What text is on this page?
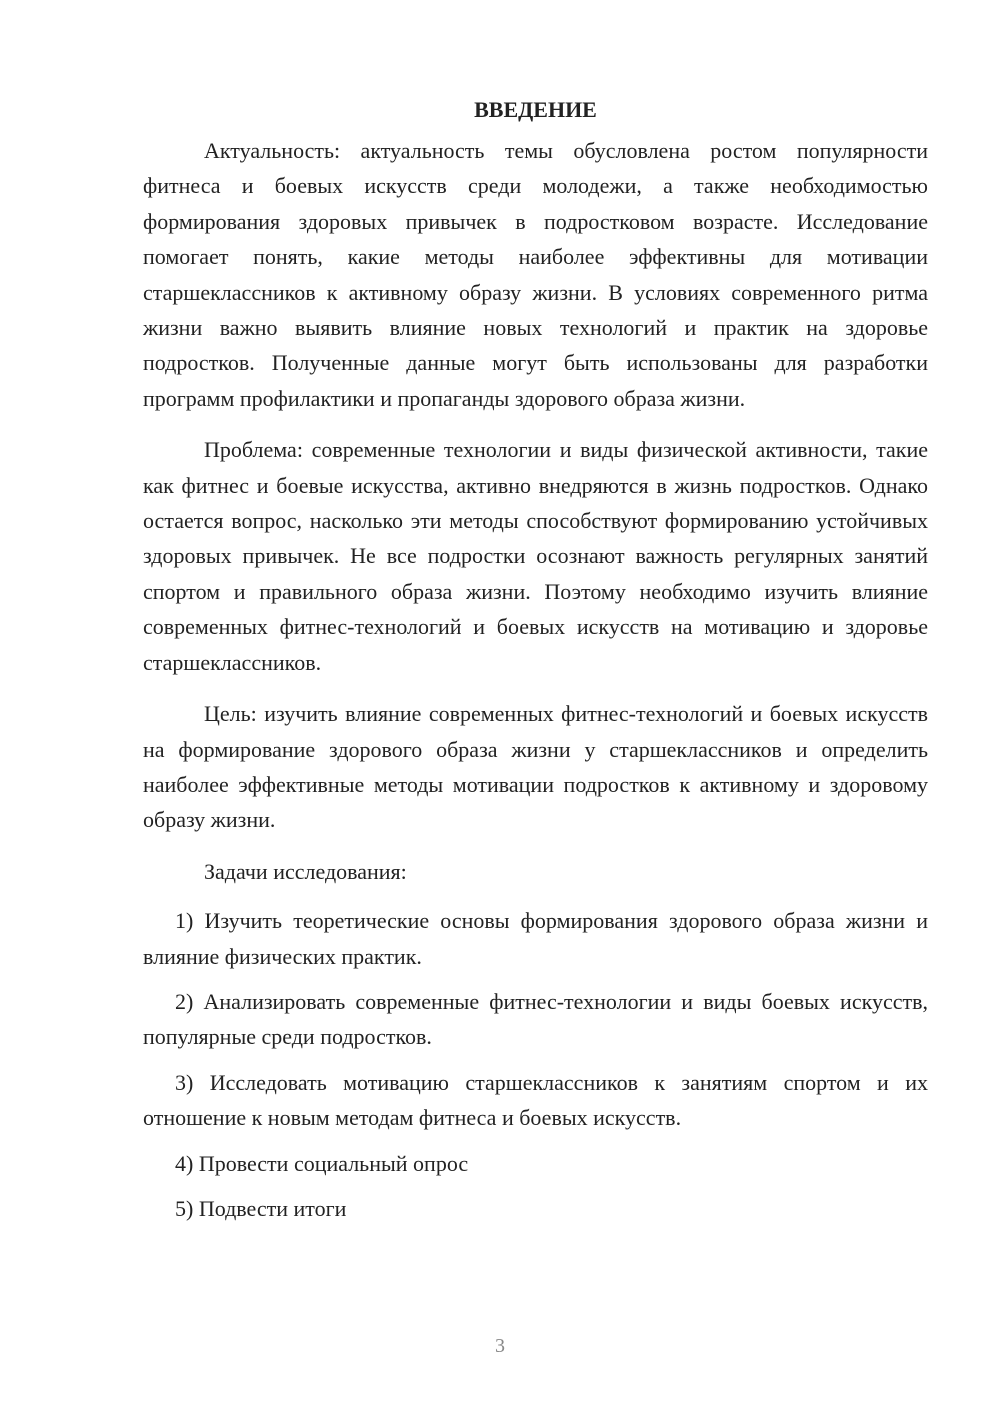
ВВЕДЕНИЕ

Актуальность: актуальность темы обусловлена ростом популярности фитнеса и боевых искусств среди молодежи, а также необходимостью формирования здоровых привычек в подростковом возрасте. Исследование помогает понять, какие методы наиболее эффективны для мотивации старшеклассников к активному образу жизни. В условиях современного ритма жизни важно выявить влияние новых технологий и практик на здоровье подростков. Полученные данные могут быть использованы для разработки программ профилактики и пропаганды здорового образа жизни.

Проблема: современные технологии и виды физической активности, такие как фитнес и боевые искусства, активно внедряются в жизнь подростков. Однако остается вопрос, насколько эти методы способствуют формированию устойчивых здоровых привычек. Не все подростки осознают важность регулярных занятий спортом и правильного образа жизни. Поэтому необходимо изучить влияние современных фитнес-технологий и боевых искусств на мотивацию и здоровье старшеклассников.

Цель: изучить влияние современных фитнес-технологий и боевых искусств на формирование здорового образа жизни у старшеклассников и определить наиболее эффективные методы мотивации подростков к активному и здоровому образу жизни.

Задачи исследования:

1) Изучить теоретические основы формирования здорового образа жизни и влияние физических практик.

2) Анализировать современные фитнес-технологии и виды боевых искусств, популярные среди подростков.

3) Исследовать мотивацию старшеклассников к занятиям спортом и их отношение к новым методам фитнеса и боевых искусств.

4) Провести социальный опрос

5) Подвести итоги

3
